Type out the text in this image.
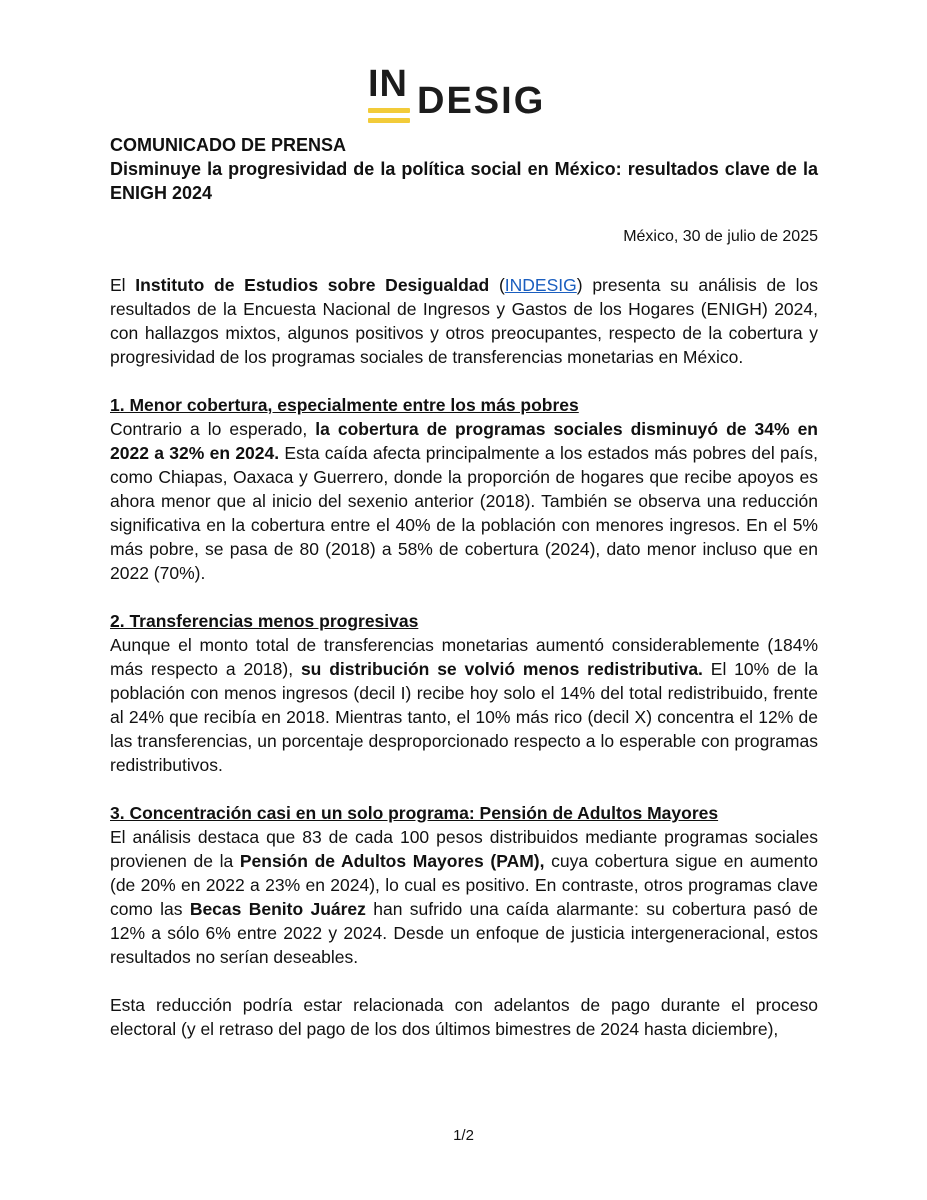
IN DESIG

COMUNICADO DE PRENSA

Disminuye la progresividad de la política social en México: resultados clave de la ENIGH 2024

México, 30 de julio de 2025

El Instituto de Estudios sobre Desigualdad (INDESIG) presenta su análisis de los resultados de la Encuesta Nacional de Ingresos y Gastos de los Hogares (ENIGH) 2024, con hallazgos mixtos, algunos positivos y otros preocupantes, respecto de la cobertura y progresividad de los programas sociales de transferencias monetarias en México.

1. Menor cobertura, especialmente entre los más pobres

Contrario a lo esperado, la cobertura de programas sociales disminuyó de 34% en 2022 a 32% en 2024. Esta caída afecta principalmente a los estados más pobres del país, como Chiapas, Oaxaca y Guerrero, donde la proporción de hogares que recibe apoyos es ahora menor que al inicio del sexenio anterior (2018). También se observa una reducción significativa en la cobertura entre el 40% de la población con menores ingresos. En el 5% más pobre, se pasa de 80 (2018) a 58% de cobertura (2024), dato menor incluso que en 2022 (70%).

2. Transferencias menos progresivas

Aunque el monto total de transferencias monetarias aumentó considerablemente (184% más respecto a 2018), su distribución se volvió menos redistributiva. El 10% de la población con menos ingresos (decil I) recibe hoy solo el 14% del total redistribuido, frente al 24% que recibía en 2018. Mientras tanto, el 10% más rico (decil X) concentra el 12% de las transferencias, un porcentaje desproporcionado respecto a lo esperable con programas redistributivos.

3. Concentración casi en un solo programa: Pensión de Adultos Mayores

El análisis destaca que 83 de cada 100 pesos distribuidos mediante programas sociales provienen de la Pensión de Adultos Mayores (PAM), cuya cobertura sigue en aumento (de 20% en 2022 a 23% en 2024), lo cual es positivo. En contraste, otros programas clave como las Becas Benito Juárez han sufrido una caída alarmante: su cobertura pasó de 12% a sólo 6% entre 2022 y 2024. Desde un enfoque de justicia intergeneracional, estos resultados no serían deseables.

Esta reducción podría estar relacionada con adelantos de pago durante el proceso electoral (y el retraso del pago de los dos últimos bimestres de 2024 hasta diciembre),

1/2
